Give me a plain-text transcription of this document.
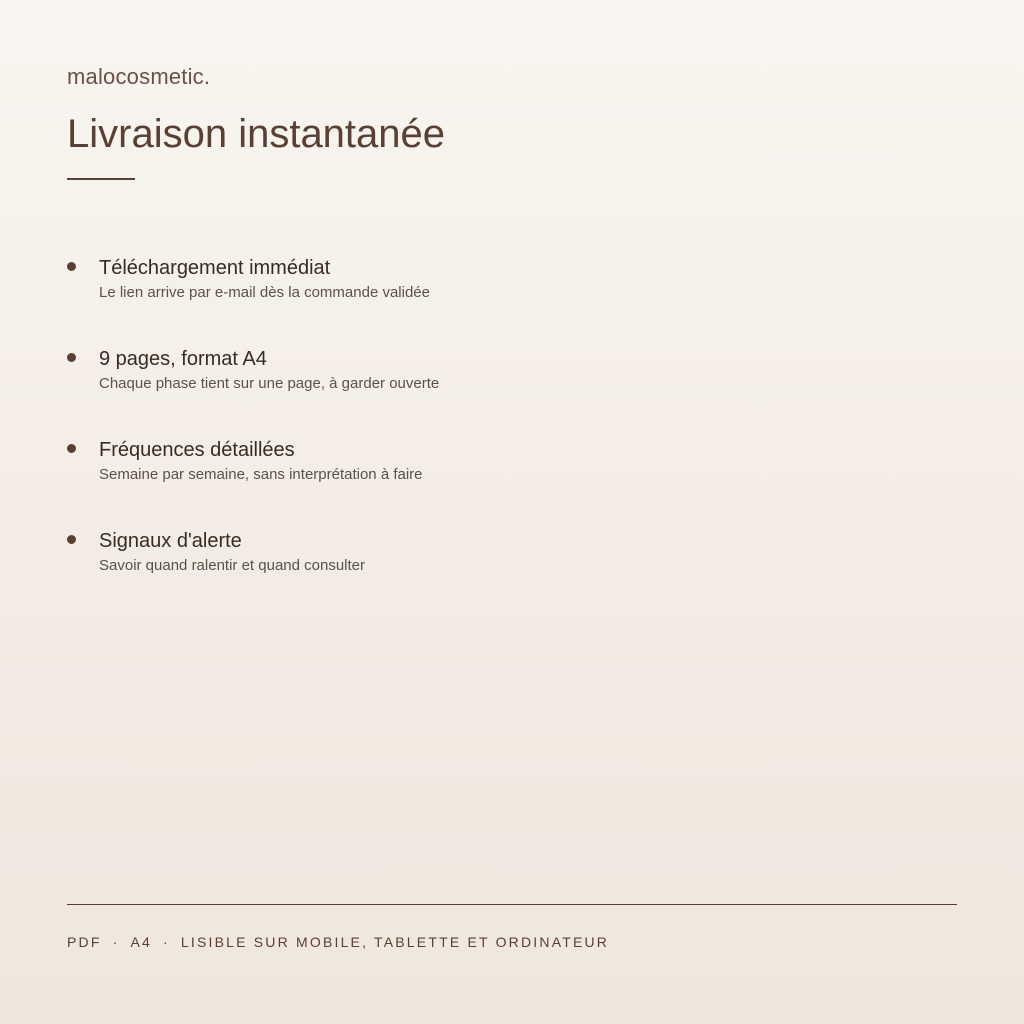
malocosmetic.
Livraison instantanée
Téléchargement immédiat
Le lien arrive par e-mail dès la commande validée
9 pages, format A4
Chaque phase tient sur une page, à garder ouverte
Fréquences détaillées
Semaine par semaine, sans interprétation à faire
Signaux d'alerte
Savoir quand ralentir et quand consulter
PDF · A4 · LISIBLE SUR MOBILE, TABLETTE ET ORDINATEUR
